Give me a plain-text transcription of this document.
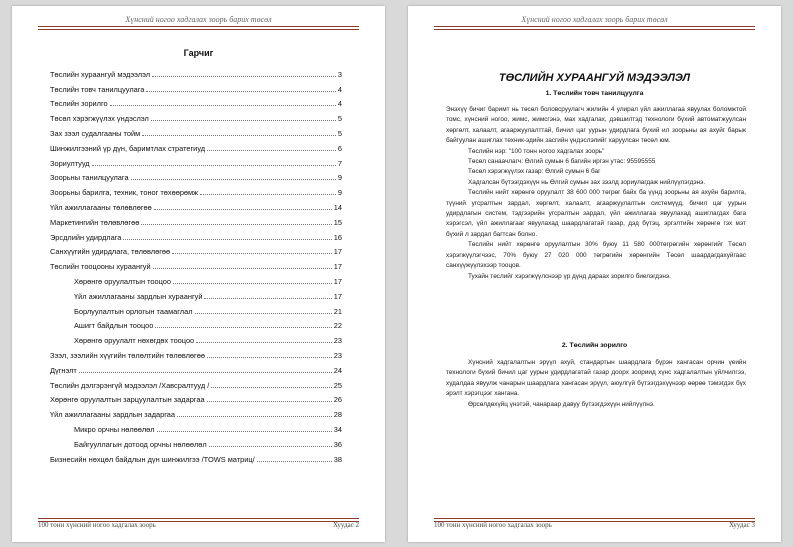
Хүнсний ногоо хадгалах зоорь барих төсөл
Гарчиг
Төслийн хураангуй мэдээлэл	3
Төслийн товч танилцуулага	4
Төслийн зорилго	4
Төсөл хэрэгжүүлэх үндэслэл	5
Зах зээл судалгааны тойм	5
Шинжилгээний үр дүн, баримтлах стратегиуд	6
Зориултууд	7
Зоорьны танилцуулага	9
Зоорьны барилга, техник, тоног төхөөрөмж	9
Үйл ажиллагааны төлөвлөгөө	14
Маркетингийн төлөвлөгөө	15
Эрсдлийн удирдлага	16
Санхүүгийн удирдлага, төлөвлөгөө	17
Төслийн тооцооны хураангуй	17
Хөрөнгө оруулалтын тооцоо	17
Үйл ажиллагааны зардлын хураангуй	17
Борлуулалтын орлогын таамаглал	21
Ашигт байдлын тооцоо	22
Хөрөнгө оруулалт нөхөгдөх тооцоо	23
Зээл, зээлийн хүүгийн төлөлтийн төлөвлөгөө	23
Дүгнэлт	24
Төслийн дэлгэрэнгүй мэдээлэл /Хавсралтууд /	25
Хөрөнгө оруулалтын зарцуулалтын задаргаа	26
Үйл ажиллагааны зардлын задаргаа	28
Микро орчны нөлөөлөл	34
Байгууллагын дотоод орчны нөлөөлөл	36
Бизнесийн нөхцөл байдлын дүн шинжилгээ /TOWS матриц/	38
100 тонн хүнсний ногоо хадгалах зоорь	Хуудас 2
Хүнсний ногоо хадгалах зоорь барих төсөл
ТӨСЛИЙН ХУРААНГУЙ МЭДЭЭЛЭЛ
1. Төслийн товч танилцуулга

Энэхүү бичиг баримт нь төсөл боловсруулагч жилийн 4 улирал үйл ажиллагаа явуулах боломжтой томс, хүнсний ногоо, жимс, жимсгэнэ, мах хадгалах, дэвшилтэд технологи бүхий автоматжуулсан хөргөлт, халаалт, агааржуулалттай, бичил цаг уурын удирдлага бүхий ил зоорьны ая ахуйг барьж байгуулан ашиглах техник-эдийн засгийн үндэслэлийг харуулсан төсөл юм.

Төслийн нэр: "100 тонн ногоо хадгалах зоорь"

Төсөл санаачлагч: Өлгий сумын 6 багийн иргэн утас: 95595555

Төсөл хэрэгжүүлэх газар: Өлгий сумын 6 баг

Хадгалсан бүтээгдэхүүн нь Өлгий сумын зах зээлд зориулагдаж нийлүүлэгдэнэ.

Төслийн нийт хөрөнгө оруулалт 38 600 000 төгрөг байх ба үүнд зоорьны ая ахуйн барилга, түүний угсралтын зардал, хөргөлт, халаалт, агааржуулалтын системүүд, бичил цаг уурын удирдлагын систем, тэдгээрийн угсралтын зардал, үйл ажиллагаа явуулахад ашиглагдах бага хэрэгсэл, үйл ажиллагааг явуулахад шаардлагатай газар, дэд бүтэц, эргэлтийн хөрөнгө гэх мэт бүхий л зардал багтсан болно.

Төслийн нийт хөрөнгө оруулалтын 30% буюу 11 580 000төгрөгийн хөрөнгийг Төсөл хэрэгжүүлэгчээс, 70% буюу 27 020 000 төгрөгийн хөрөнгийн Төсөл шаардагдахуйгаас санхүүжүүлэхээр тооцов.

Тухайн төслийг хэрэгжүүлснээр үр дүнд дараах зорилго биелэгдэнэ.

2. Төслийн зорилго

Хүнсний хадгалалтын эрүүл ахуй, стандартын шаардлага бүрэн хангасан орчин үеийн технологи бүхий бичил цаг уурын удирдлагатай газар доорх зоориид хүнс хадгалалтын үйлчилгээ, худалдаа явуулж чанарын шаардлага хангасан эрүүл, аюулгүй бүтээгдэхүүнээр өөрөө тэмэгдэх бүх эрэлт хэрэгцээг хангана.

Өрсөлдөхүйц үнэтэй, чанараар давуу бүтээгдэхүүн нийлүүлнэ.

100 тонн хүнсний ногоо хадгалах зоорь	Хуудас 3
